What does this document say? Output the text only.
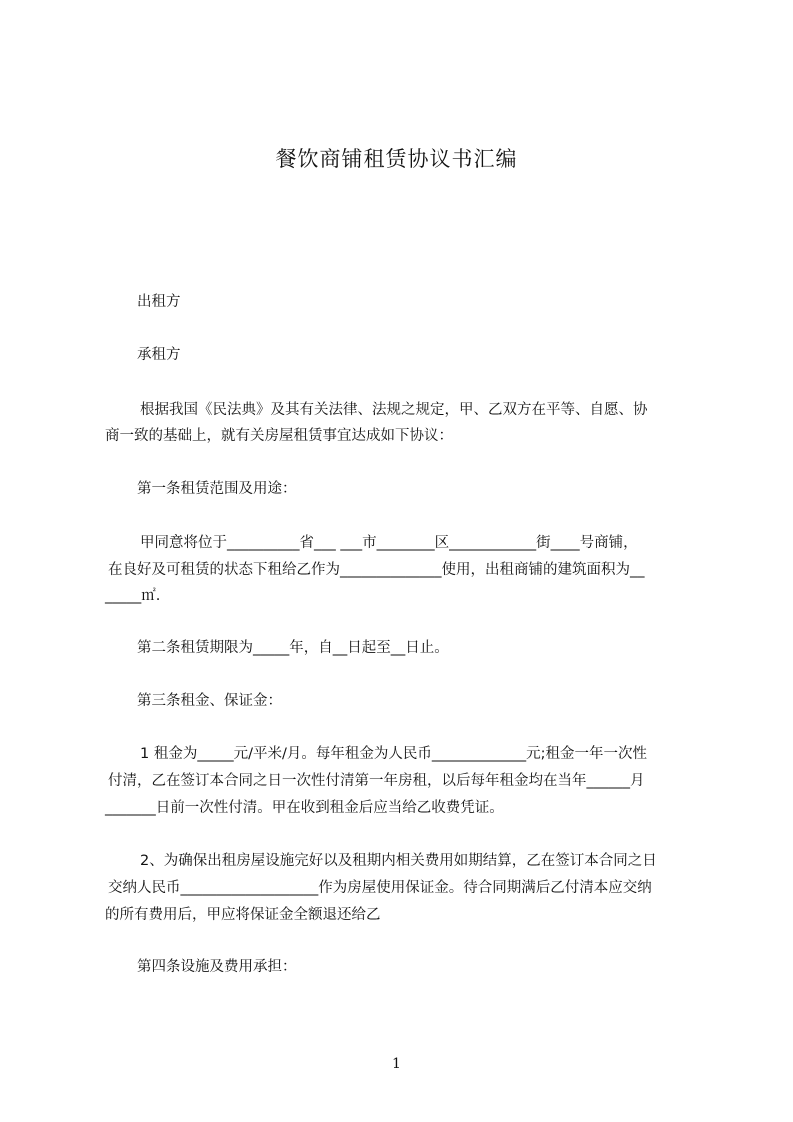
餐饮商铺租赁协议书汇编
出租方
承租方
根据我国《民法典》及其有关法律、法规之规定，甲、乙双方在平等、自愿、协
商一致的基础上，就有关房屋租赁事宜达成如下协议：
第一条租赁范围及用途：
甲同意将位于__________省___ ___市________区____________街____号商铺，
在良好及可租赁的状态下租给乙作为______________使用，出租商铺的建筑面积为__
_____㎡.
第二条租赁期限为_____年，自__日起至__日止。
第三条租金、保证金：
1 租金为_____元/平米/月。每年租金为人民币_____________元;租金一年一次性
付清，乙在签订本合同之日一次性付清第一年房租，以后每年租金均在当年______月
_______日前一次性付清。甲在收到租金后应当给乙收费凭证。
2、为确保出租房屋设施完好以及租期内相关费用如期结算，乙在签订本合同之日
交纳人民币___________________作为房屋使用保证金。待合同期满后乙付清本应交纳
的所有费用后，甲应将保证金全额退还给乙
第四条设施及费用承担：
1
